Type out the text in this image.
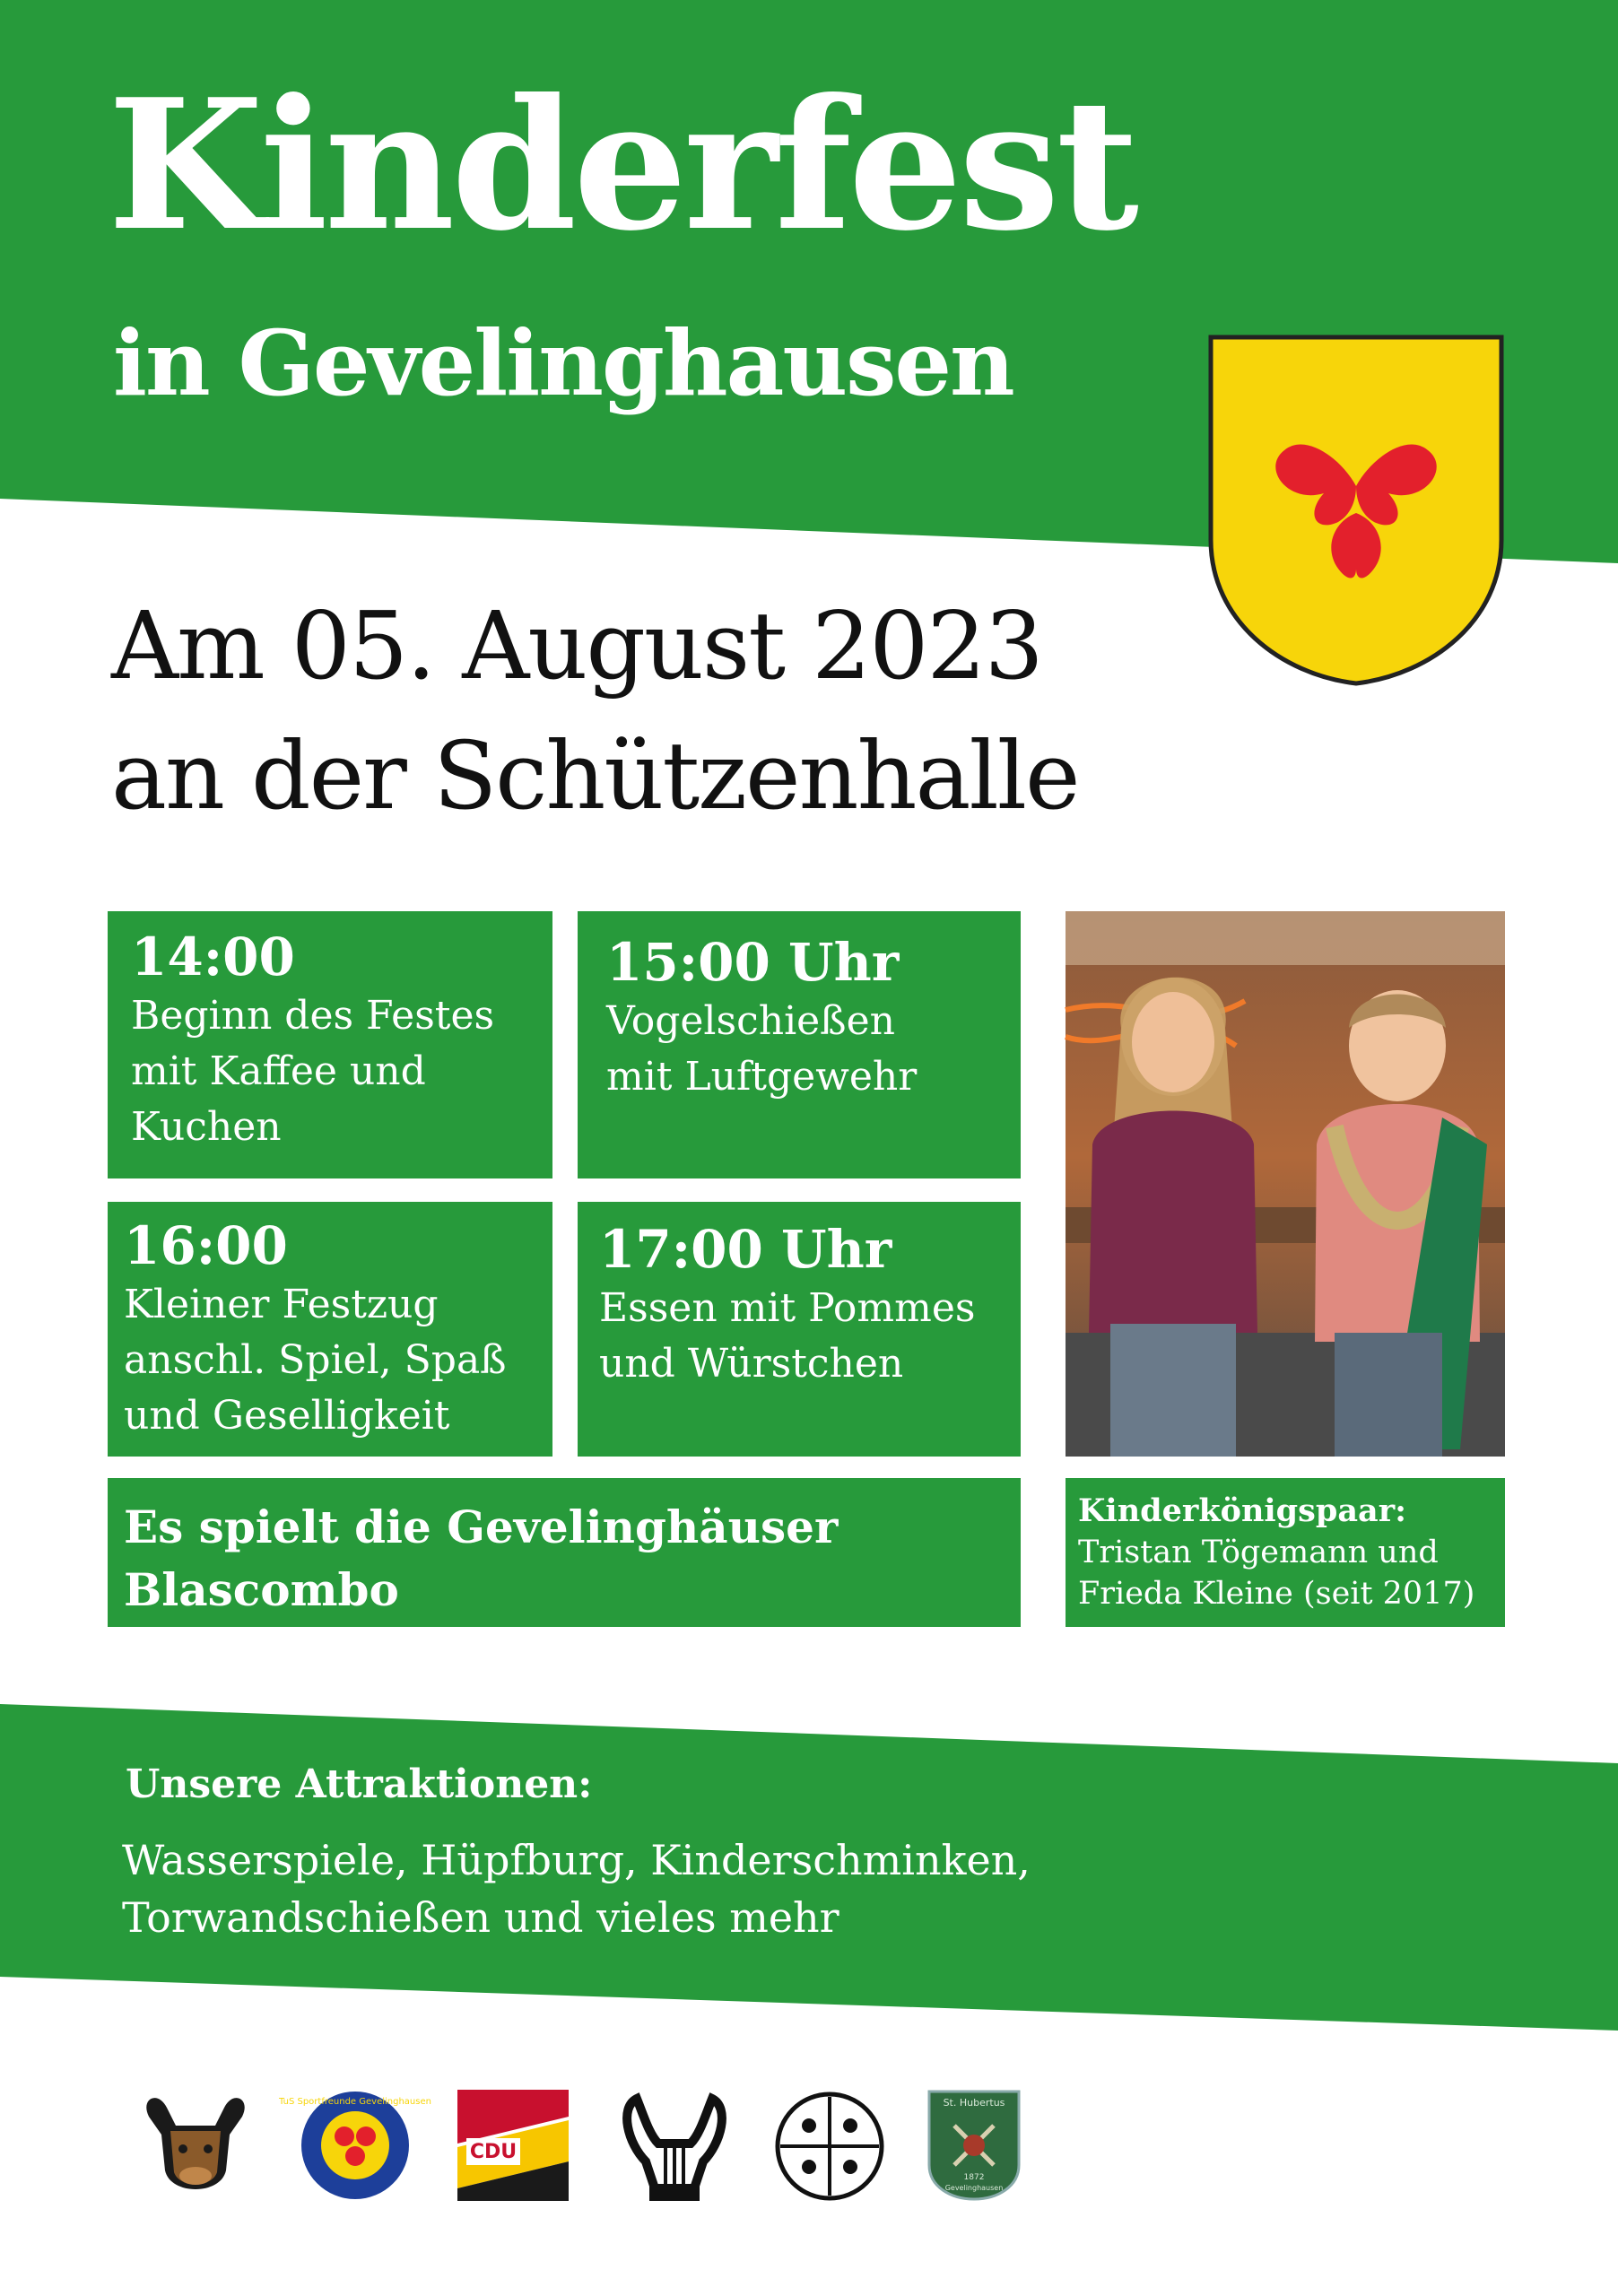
Kinderfest
in Gevelinghausen

Am 05. August 2023

an der Schützenhalle

14:00
Beginn des Festes
mit Kaffee und
Kuchen
15:00 Uhr
Vogelschießen
mit Luftgewehr
16:00
Kleiner Festzug
anschl. Spiel, Spaß
und Geselligkeit
17:00 Uhr
Essen mit Pommes
und Würstchen
Es spielt die Gevelinghäuser
Blascombo
Kinderkönigspaar:
Tristan Tögemann und
Frieda Kleine (seit 2017)

Unsere Attraktionen:

Wasserspiele, Hüpfburg, Kinderschminken,
Torwandschießen und vieles mehr

TuS Sportfreunde Gevelinghausen
CDU
St. Hubertus
1872
Gevelinghausen
